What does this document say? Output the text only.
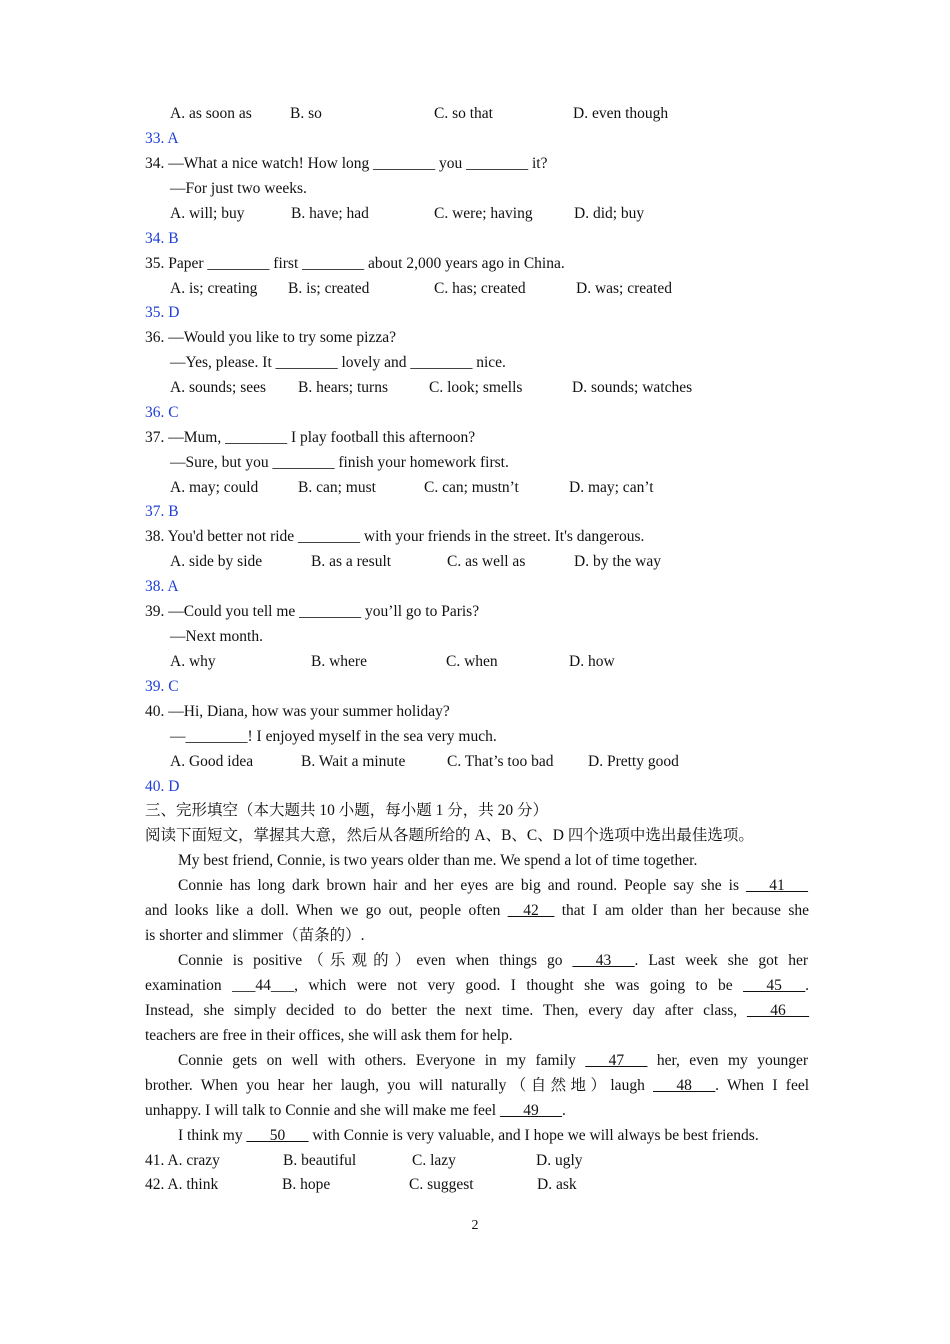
A. as soon as B. so	C. so that	D. even though
33. A
34. —What a nice watch! How long ________ you ________ it?
—For just two weeks.
A. will; buy	B. have; had	C. were; having	D. did; buy
34. B
35. Paper ________ first ________ about 2,000 years ago in China.
A. is; creating B. is; created	C. has; created	D. was; created
35. D
36. —Would you like to try some pizza?
—Yes, please. It ________ lovely and ________ nice.
A. sounds; sees B. hears; turns	C. look; smells	D. sounds; watches
36. C
37. —Mum, ________ I play football this afternoon?
—Sure, but you ________ finish your homework first.
A. may; could	B. can; must	C. can; mustn’t	D. may; can’t
37. B
38. You'd better not ride ________ with your friends in the street. It's dangerous.
A. side by side	B. as a result	C. as well as	D. by the way
38. A
39. —Could you tell me ________ you’ll go to Paris?
—Next month.
A. why	B. where	C. when	D. how
39. C
40. —Hi, Diana, how was your summer holiday?
—________! I enjoyed myself in the sea very much.
A. Good idea	B. Wait a minute	C. That’s too bad D. Pretty good
40. D
三、完形填空（本大题共 10 小题，每小题 1 分，共 20 分）
阅读下面短文，掌握其大意，然后从各题所给的 A、B、C、D 四个选项中选出最佳选项。
My best friend, Connie, is two years older than me. We spend a lot of time together.
Connie has long dark brown hair and her eyes are big and round. People say she is ___41___
and looks like a doll. When we go out, people often __42__ that I am older than her because she
is shorter and slimmer（苗条的）.
Connie is positive（乐观的）even when things go ___43___. Last week she got her
examination ___44___, which were not very good. I thought she was going to be ___45___.
Instead, she simply decided to do better the next time. Then, every day after class, ___46___
teachers are free in their offices, she will ask them for help.
Connie gets on well with others. Everyone in my family ___47___ her, even my younger
brother. When you hear her laugh, you will naturally（自然地）laugh ___48___. When I feel
unhappy. I will talk to Connie and she will make me feel ___49___.
I think my ___50___ with Connie is very valuable, and I hope we will always be best friends.
41. A. crazy	B. beautiful	C. lazy	D. ugly
42. A. think	B. hope	C. suggest	D. ask
2
